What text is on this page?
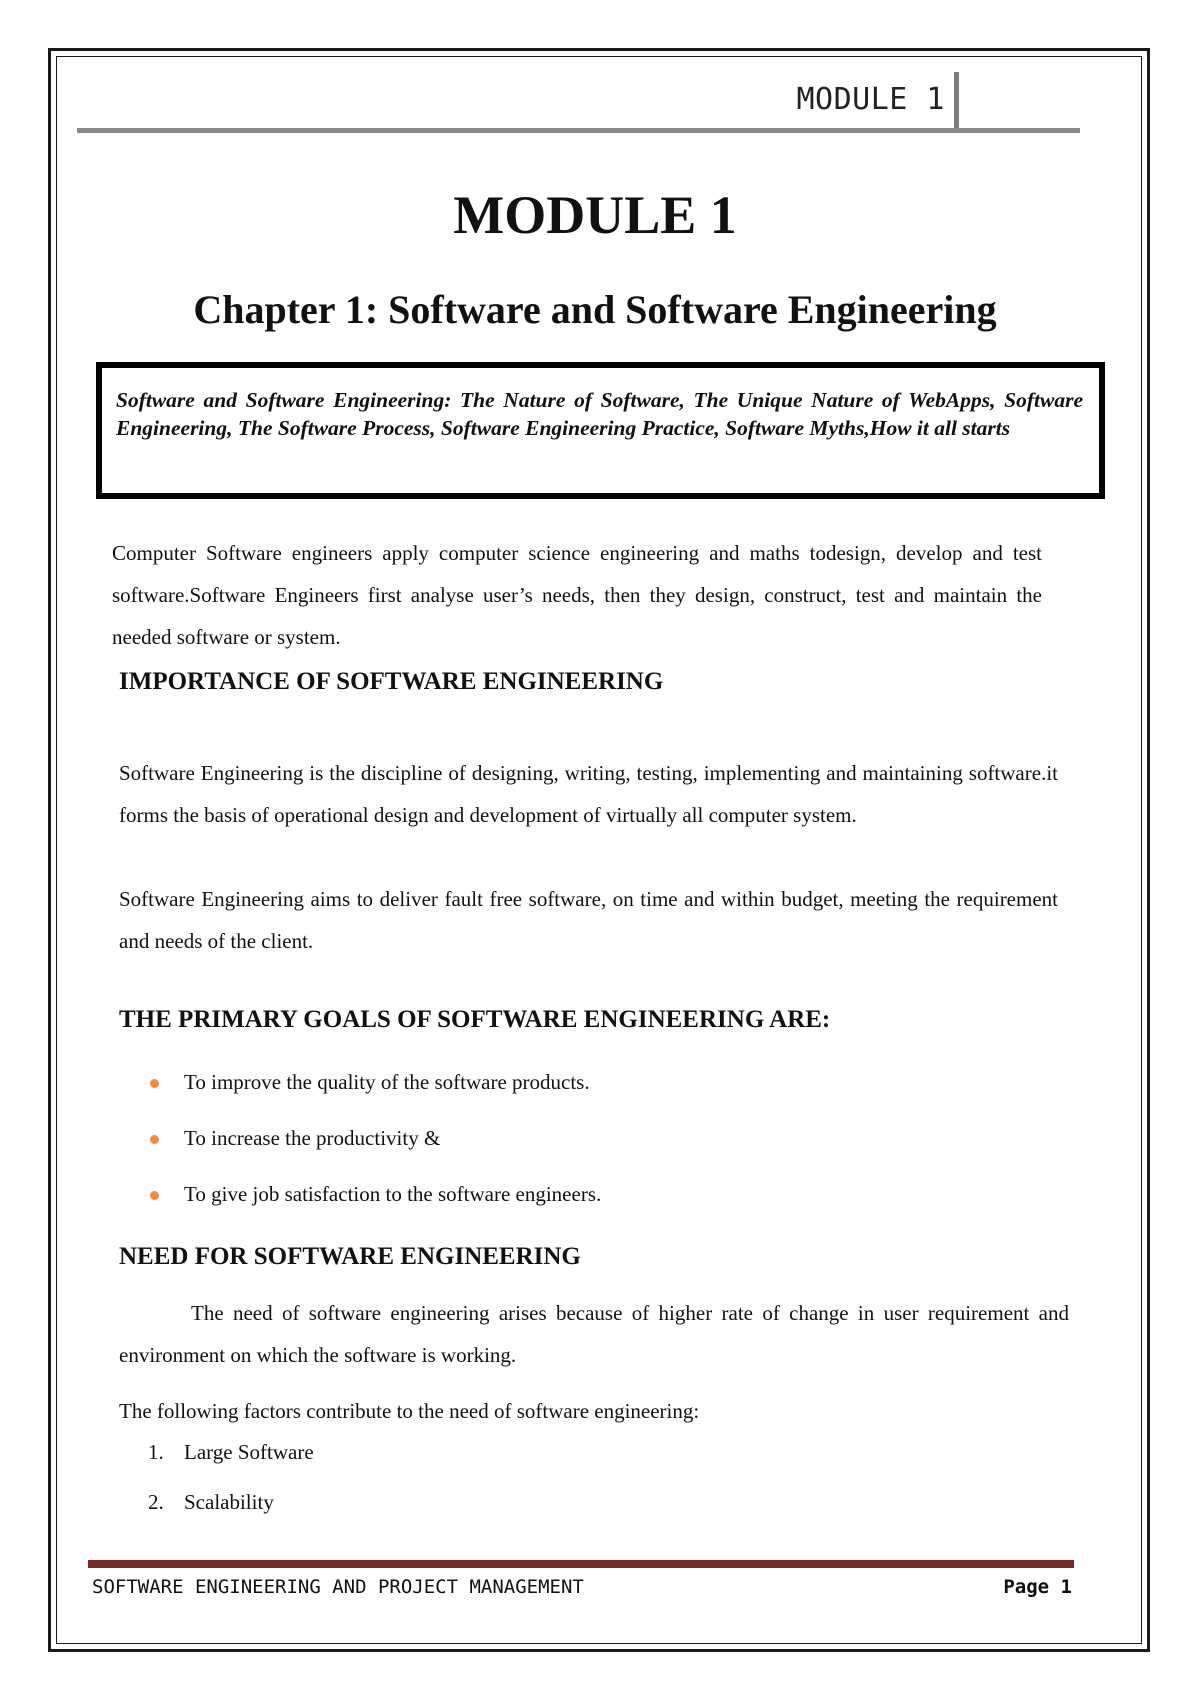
MODULE 1
MODULE 1
Chapter 1: Software and Software Engineering

Software and Software Engineering: The Nature of Software, The Unique Nature of WebApps, Software Engineering, The Software Process, Software Engineering Practice, Software Myths,How it all starts

Computer Software engineers apply computer science engineering and maths todesign, develop and test software.Software Engineers first analyse user’s needs, then they design, construct, test and maintain the needed software or system.

IMPORTANCE OF SOFTWARE ENGINEERING

Software Engineering is the discipline of designing, writing, testing, implementing and maintaining software.it forms the basis of operational design and development of virtually all computer system.

Software Engineering aims to deliver fault free software, on time and within budget, meeting the requirement and needs of the client.

THE PRIMARY GOALS OF SOFTWARE ENGINEERING ARE:
To improve the quality of the software products.
To increase the productivity &
To give job satisfaction to the software engineers.
NEED FOR SOFTWARE ENGINEERING

The need of software engineering arises because of higher rate of change in user requirement and environment on which the software is working.

The following factors contribute to the need of software engineering:

1. Large Software
2. Scalability
SOFTWARE ENGINEERING AND PROJECT MANAGEMENT	Page 1
